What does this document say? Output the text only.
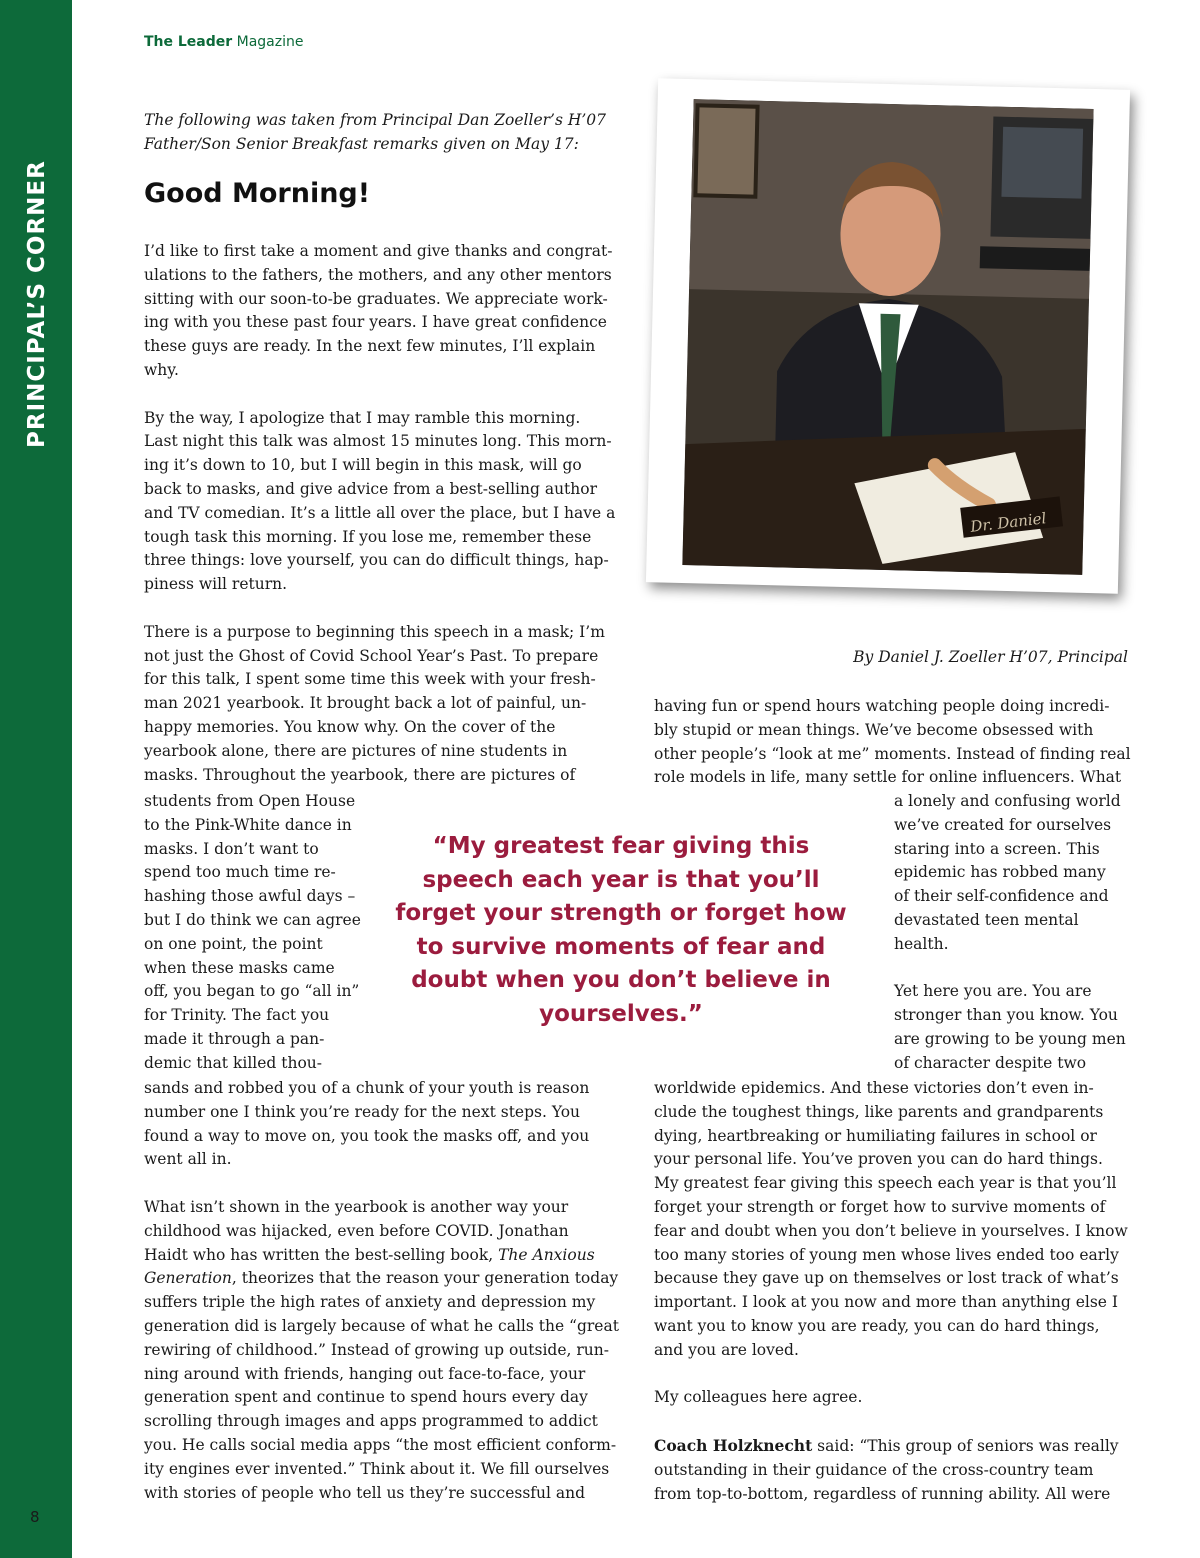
PRINCIPAL’S CORNER
8
The Leader Magazine
The following was taken from Principal Dan Zoeller’s H’07
Father/Son Senior Breakfast remarks given on May 17:
Good Morning!

I’d like to first take a moment and give thanks and congrat-

ulations to the fathers, the mothers, and any other mentors

sitting with our soon-to-be graduates. We appreciate work-

ing with you these past four years. I have great confidence

these guys are ready. In the next few minutes, I’ll explain

why.

By the way, I apologize that I may ramble this morning.

Last night this talk was almost 15 minutes long. This morn-

ing it’s down to 10, but I will begin in this mask, will go

back to masks, and give advice from a best-selling author

and TV comedian. It’s a little all over the place, but I have a

tough task this morning. If you lose me, remember these

three things: love yourself, you can do difficult things, hap-

piness will return.

There is a purpose to beginning this speech in a mask; I’m

not just the Ghost of Covid School Year’s Past. To prepare

for this talk, I spent some time this week with your fresh-

man 2021 yearbook. It brought back a lot of painful, un-

happy memories. You know why. On the cover of the

yearbook alone, there are pictures of nine students in

masks. Throughout the yearbook, there are pictures of

students from Open House

to the Pink-White dance in

masks. I don’t want to

spend too much time re-

hashing those awful days –

but I do think we can agree

on one point, the point

when these masks came

off, you began to go “all in”

for Trinity. The fact you

made it through a pan-

demic that killed thou-

sands and robbed you of a chunk of your youth is reason

number one I think you’re ready for the next steps. You

found a way to move on, you took the masks off, and you

went all in.

What isn’t shown in the yearbook is another way your

childhood was hijacked, even before COVID. Jonathan

Haidt who has written the best-selling book, The Anxious

Generation, theorizes that the reason your generation today

suffers triple the high rates of anxiety and depression my

generation did is largely because of what he calls the “great

rewiring of childhood.” Instead of growing up outside, run-

ning around with friends, hanging out face-to-face, your

generation spent and continue to spend hours every day

scrolling through images and apps programmed to addict

you. He calls social media apps “the most efficient conform-

ity engines ever invented.” Think about it. We fill ourselves

with stories of people who tell us they’re successful and

having fun or spend hours watching people doing incredi-

bly stupid or mean things. We’ve become obsessed with

other people’s “look at me” moments. Instead of finding real

role models in life, many settle for online influencers. What

a lonely and confusing world

we’ve created for ourselves

staring into a screen. This

epidemic has robbed many

of their self-confidence and

devastated teen mental

health.

Yet here you are. You are

stronger than you know. You

are growing to be young men

of character despite two

worldwide epidemics. And these victories don’t even in-

clude the toughest things, like parents and grandparents

dying, heartbreaking or humiliating failures in school or

your personal life. You’ve proven you can do hard things.

My greatest fear giving this speech each year is that you’ll

forget your strength or forget how to survive moments of

fear and doubt when you don’t believe in yourselves. I know

too many stories of young men whose lives ended too early

because they gave up on themselves or lost track of what’s

important. I look at you now and more than anything else I

want you to know you are ready, you can do hard things,

and you are loved.

My colleagues here agree.

Coach Holzknecht said: “This group of seniors was really

outstanding in their guidance of the cross-country team

from top-to-bottom, regardless of running ability. All were

By Daniel J. Zoeller H’07, Principal
“My greatest fear giving this speech each year is that you’ll forget your strength or forget how to survive moments of fear and doubt when you don’t believe in yourselves.”
Dr. Daniel
